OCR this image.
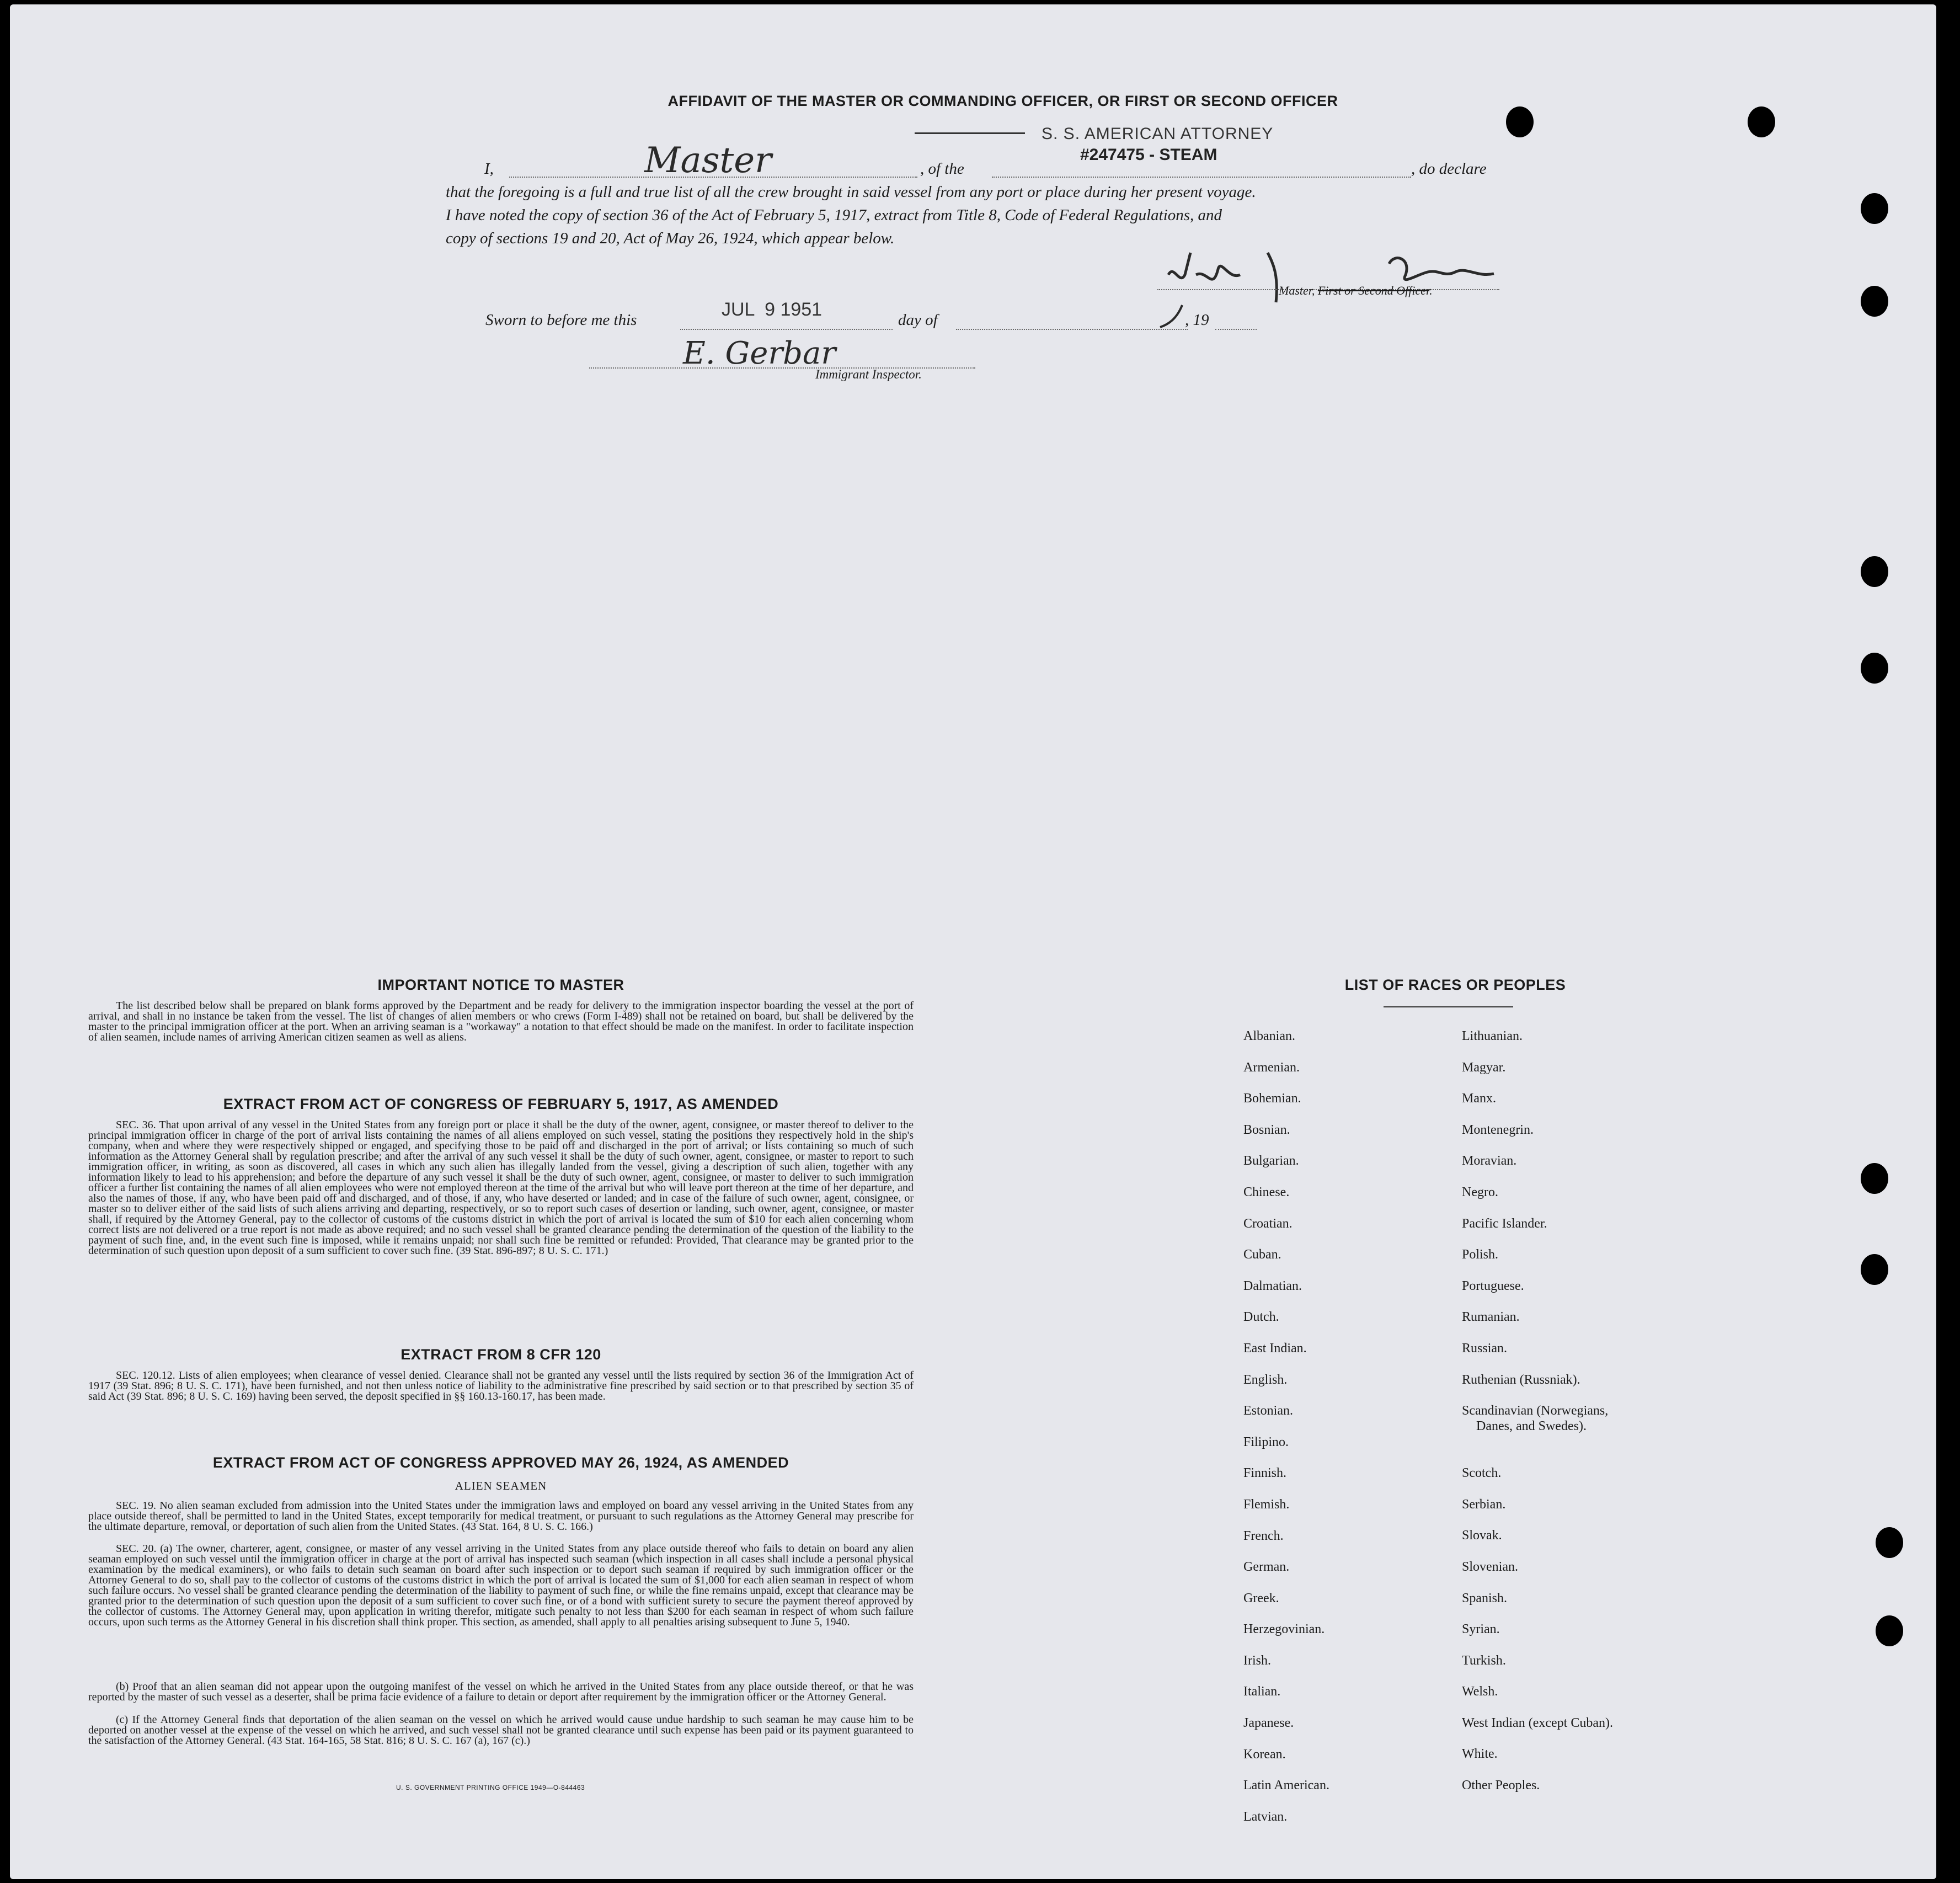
AFFIDAVIT OF THE MASTER OR COMMANDING OFFICER, OR FIRST OR SECOND OFFICER
S. S. AMERICAN ATTORNEY
#247475 - STEAM
I,	Master	, of the	, do declare
that the foregoing is a full and true list of all the crew brought in said vessel from any port or place during her present voyage.
I have noted the copy of section 36 of the Act of February 5, 1917, extract from Title 8, Code of Federal Regulations, and
copy of sections 19 and 20, Act of May 26, 1924, which appear below.
Master, First or Second Officer.
Sworn to before me this	JUL  9 1951	day of	, 19
E. Gerbar
Immigrant Inspector.
IMPORTANT NOTICE TO MASTER
The list described below shall be prepared on blank forms approved by the Department and be ready for delivery to the immigration inspector boarding the vessel at the port of arrival, and shall in no instance be taken from the vessel. The list of changes of alien members or who crews (Form I-489) shall not be retained on board, but shall be delivered by the master to the principal immigration officer at the port. When an arriving seaman is a "workaway" a notation to that effect should be made on the manifest. In order to facilitate inspection of alien seamen, include names of arriving American citizen seamen as well as aliens.
EXTRACT FROM ACT OF CONGRESS OF FEBRUARY 5, 1917, AS AMENDED
SEC. 36. That upon arrival of any vessel in the United States from any foreign port or place it shall be the duty of the owner, agent, consignee, or master thereof to deliver to the principal immigration officer in charge of the port of arrival lists containing the names of all aliens employed on such vessel, stating the positions they respectively hold in the ship's company, when and where they were respectively shipped or engaged, and specifying those to be paid off and discharged in the port of arrival; or lists containing so much of such information as the Attorney General shall by regulation prescribe; and after the arrival of any such vessel it shall be the duty of such owner, agent, consignee, or master to report to such immigration officer, in writing, as soon as discovered, all cases in which any such alien has illegally landed from the vessel, giving a description of such alien, together with any information likely to lead to his apprehension; and before the departure of any such vessel it shall be the duty of such owner, agent, consignee, or master to deliver to such immigration officer a further list containing the names of all alien employees who were not employed thereon at the time of the arrival but who will leave port thereon at the time of her departure, and also the names of those, if any, who have been paid off and discharged, and of those, if any, who have deserted or landed; and in case of the failure of such owner, agent, consignee, or master so to deliver either of the said lists of such aliens arriving and departing, respectively, or so to report such cases of desertion or landing, such owner, agent, consignee, or master shall, if required by the Attorney General, pay to the collector of customs of the customs district in which the port of arrival is located the sum of $10 for each alien concerning whom correct lists are not delivered or a true report is not made as above required; and no such vessel shall be granted clearance pending the determination of the question of the liability to the payment of such fine, and, in the event such fine is imposed, while it remains unpaid; nor shall such fine be remitted or refunded: Provided, That clearance may be granted prior to the determination of such question upon deposit of a sum sufficient to cover such fine. (39 Stat. 896-897; 8 U. S. C. 171.)
EXTRACT FROM 8 CFR 120
SEC. 120.12. Lists of alien employees; when clearance of vessel denied. Clearance shall not be granted any vessel until the lists required by section 36 of the Immigration Act of 1917 (39 Stat. 896; 8 U. S. C. 171), have been furnished, and not then unless notice of liability to the administrative fine prescribed by said section or to that prescribed by section 35 of said Act (39 Stat. 896; 8 U. S. C. 169) having been served, the deposit specified in §§ 160.13-160.17, has been made.
EXTRACT FROM ACT OF CONGRESS APPROVED MAY 26, 1924, AS AMENDED
ALIEN SEAMEN
SEC. 19. No alien seaman excluded from admission into the United States under the immigration laws and employed on board any vessel arriving in the United States from any place outside thereof, shall be permitted to land in the United States, except temporarily for medical treatment, or pursuant to such regulations as the Attorney General may prescribe for the ultimate departure, removal, or deportation of such alien from the United States. (43 Stat. 164, 8 U. S. C. 166.)
SEC. 20. (a) The owner, charterer, agent, consignee, or master of any vessel arriving in the United States from any place outside thereof who fails to detain on board any alien seaman employed on such vessel until the immigration officer in charge at the port of arrival has inspected such seaman (which inspection in all cases shall include a personal physical examination by the medical examiners), or who fails to detain such seaman on board after such inspection or to deport such seaman if required by such immigration officer or the Attorney General to do so, shall pay to the collector of customs of the customs district in which the port of arrival is located the sum of $1,000 for each alien seaman in respect of whom such failure occurs. No vessel shall be granted clearance pending the determination of the liability to payment of such fine, or while the fine remains unpaid, except that clearance may be granted prior to the determination of such question upon the deposit of a sum sufficient to cover such fine, or of a bond with sufficient surety to secure the payment thereof approved by the collector of customs. The Attorney General may, upon application in writing therefor, mitigate such penalty to not less than $200 for each seaman in respect of whom such failure occurs, upon such terms as the Attorney General in his discretion shall think proper. This section, as amended, shall apply to all penalties arising subsequent to June 5, 1940.
(b) Proof that an alien seaman did not appear upon the outgoing manifest of the vessel on which he arrived in the United States from any place outside thereof, or that he was reported by the master of such vessel as a deserter, shall be prima facie evidence of a failure to detain or deport after requirement by the immigration officer or the Attorney General.
(c) If the Attorney General finds that deportation of the alien seaman on the vessel on which he arrived would cause undue hardship to such seaman he may cause him to be deported on another vessel at the expense of the vessel on which he arrived, and such vessel shall not be granted clearance until such expense has been paid or its payment guaranteed to the satisfaction of the Attorney General. (43 Stat. 164-165, 58 Stat. 816; 8 U. S. C. 167 (a), 167 (c).)
U. S. GOVERNMENT PRINTING OFFICE 1949—O-844463
LIST OF RACES OR PEOPLES
Albanian.
Armenian.
Bohemian.
Bosnian.
Bulgarian.
Chinese.
Croatian.
Cuban.
Dalmatian.
Dutch.
East Indian.
English.
Estonian.
Filipino.
Finnish.
Flemish.
French.
German.
Greek.
Herzegovinian.
Irish.
Italian.
Japanese.
Korean.
Latin American.
Latvian.
Lithuanian.
Magyar.
Manx.
Montenegrin.
Moravian.
Negro.
Pacific Islander.
Polish.
Portuguese.
Rumanian.
Russian.
Ruthenian (Russniak).
Scandinavian (Norwegians,
Danes, and Swedes).
Scotch.
Serbian.
Slovak.
Slovenian.
Spanish.
Syrian.
Turkish.
Welsh.
West Indian (except Cuban).
White.
Other Peoples.
